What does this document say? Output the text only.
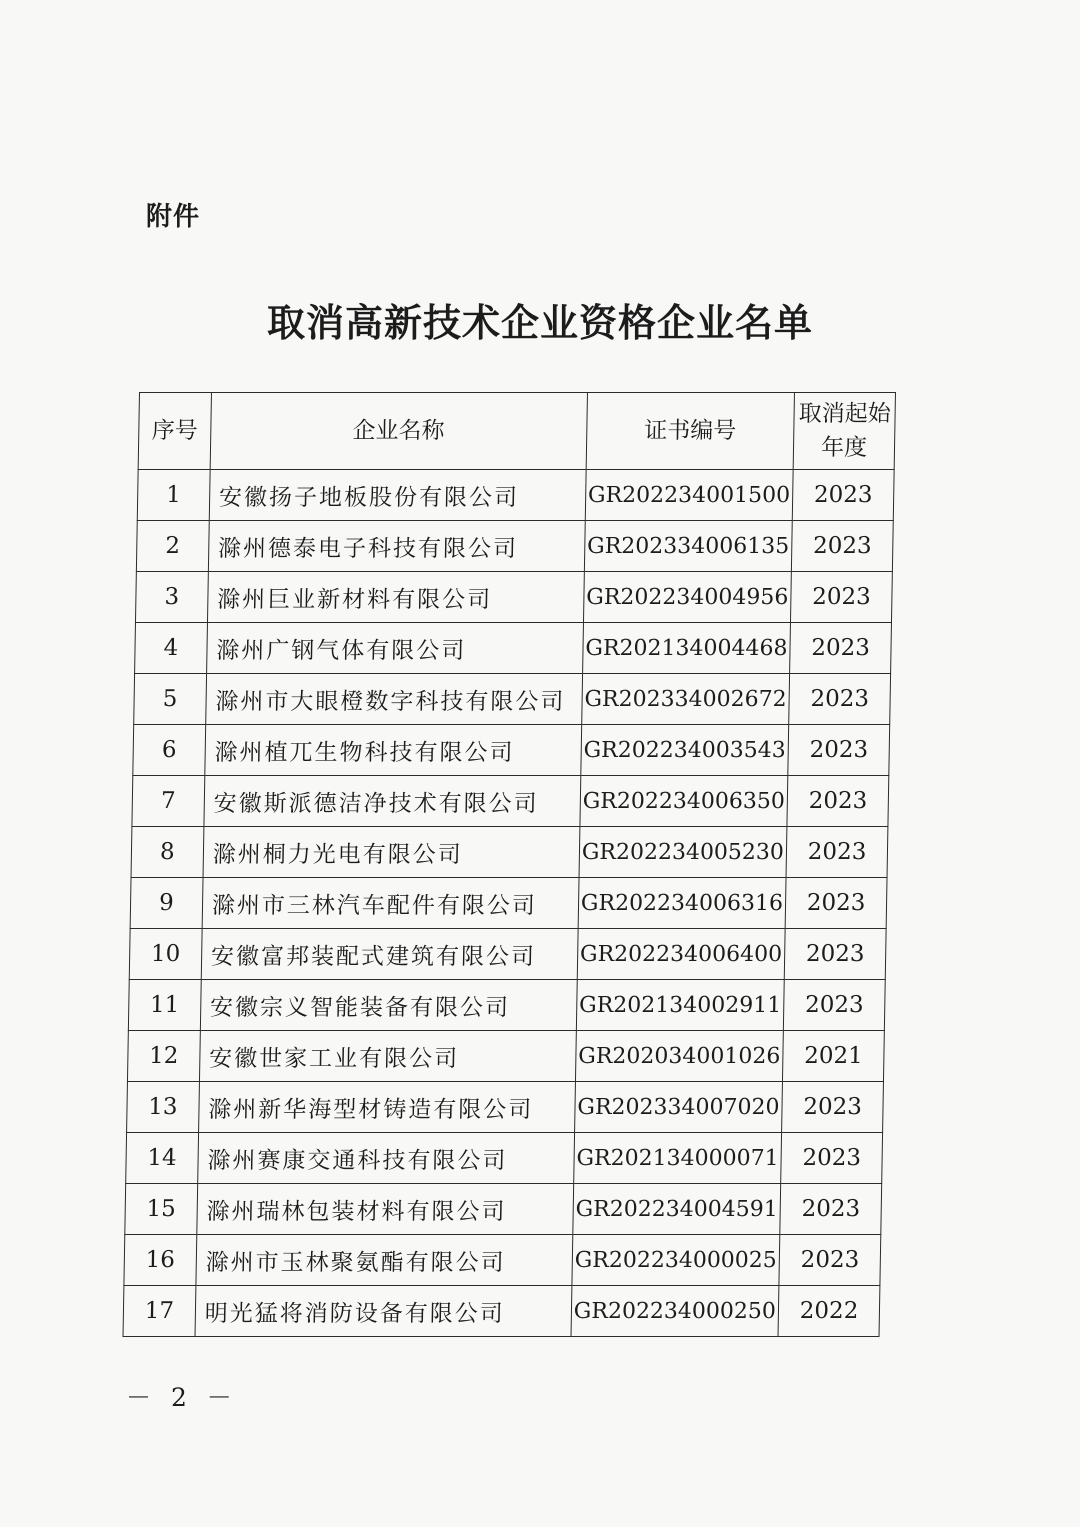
附件
取消高新技术企业资格企业名单
序号	企业名称	证书编号	取消起始年度
1	安徽扬子地板股份有限公司	GR202234001500	2023
2	滁州德泰电子科技有限公司	GR202334006135	2023
3	滁州巨业新材料有限公司	GR202234004956	2023
4	滁州广钢气体有限公司	GR202134004468	2023
5	滁州市大眼橙数字科技有限公司	GR202334002672	2023
6	滁州植兀生物科技有限公司	GR202234003543	2023
7	安徽斯派德洁净技术有限公司	GR202234006350	2023
8	滁州桐力光电有限公司	GR202234005230	2023
9	滁州市三林汽车配件有限公司	GR202234006316	2023
10	安徽富邦装配式建筑有限公司	GR202234006400	2023
11	安徽宗义智能装备有限公司	GR202134002911	2023
12	安徽世家工业有限公司	GR202034001026	2021
13	滁州新华海型材铸造有限公司	GR202334007020	2023
14	滁州赛康交通科技有限公司	GR202134000071	2023
15	滁州瑞林包装材料有限公司	GR202234004591	2023
16	滁州市玉林聚氨酯有限公司	GR202234000025	2023
17	明光猛将消防设备有限公司	GR202234000250	2022
－ 2 －
